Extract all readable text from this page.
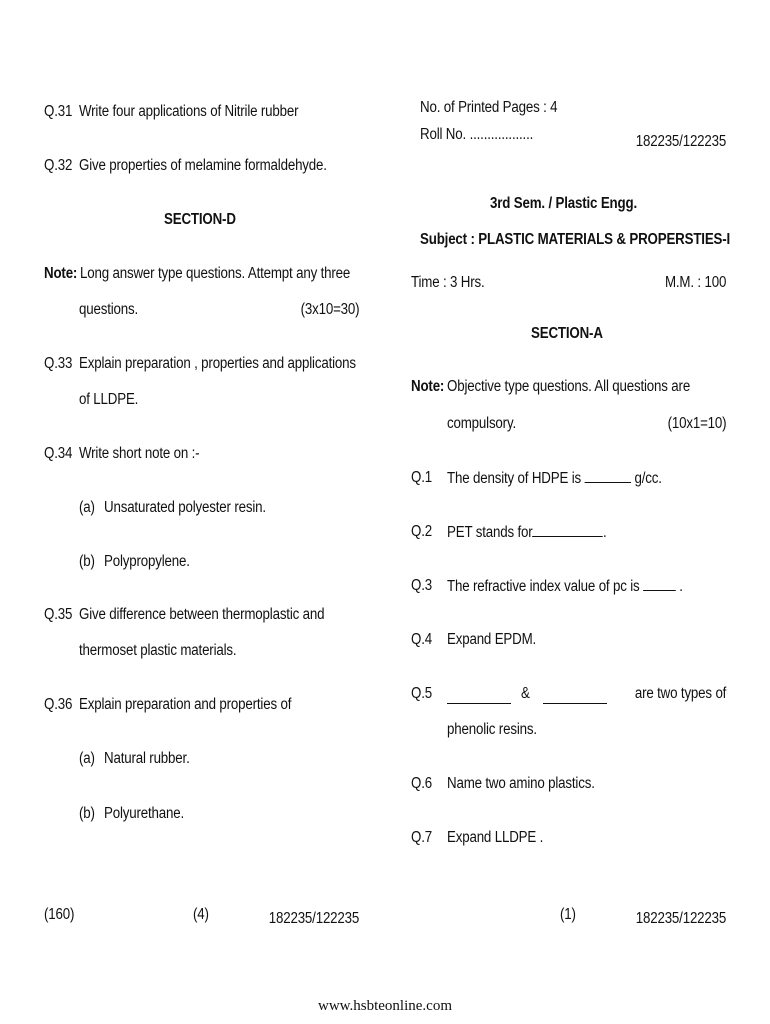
Q.31 Write four applications of Nitrile rubber
Q.32 Give properties of melamine formaldehyde.
SECTION-D
Note: Long answer type questions. Attempt any three
questions.	(3x10=30)
Q.33 Explain preparation , properties and applications
of LLDPE.
Q.34 Write short note on :-
(a) Unsaturated polyester resin.
(b) Polypropylene.
Q.35 Give difference between thermoplastic and
thermoset plastic materials.
Q.36 Explain preparation and properties of
(a) Natural rubber.
(b) Polyurethane.
(160)	(4)	182235/122235
No. of Printed Pages : 4
Roll No. ..................	182235/122235
3rd Sem. / Plastic Engg.
Subject : PLASTIC MATERIALS & PROPERSTIES-I
Time : 3 Hrs.	M.M. : 100
SECTION-A
Note: Objective type questions. All questions are
compulsory.	(10x1=10)
Q.1 The density of HDPE is	g/cc.
Q.2 PET stands for	.
Q.3 The refractive index value of pc is	.
Q.4 Expand EPDM.
Q.5	&	are two types of
phenolic resins.
Q.6 Name two amino plastics.
Q.7 Expand LLDPE .
(1)	182235/122235
www.hsbteonline.com
